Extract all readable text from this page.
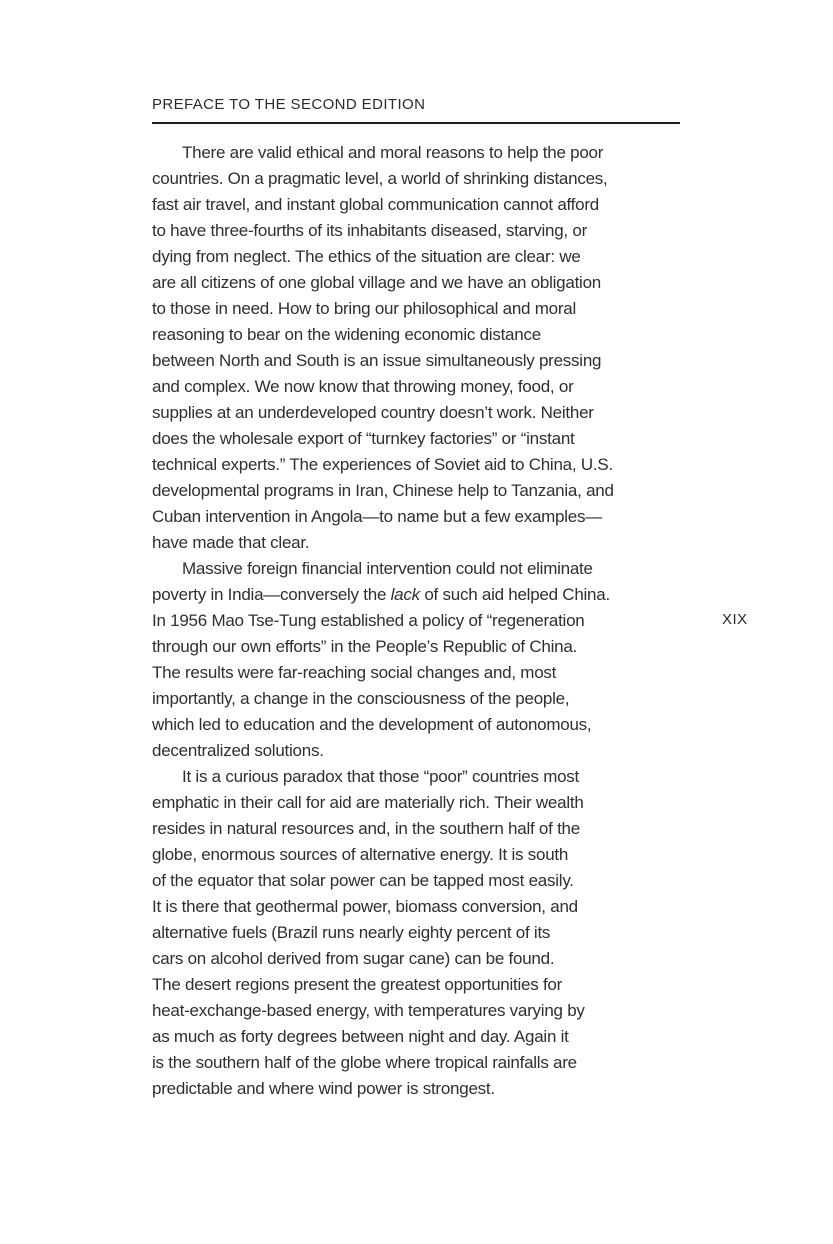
PREFACE TO THE SECOND EDITION
There are valid ethical and moral reasons to help the poor
countries. On a pragmatic level, a world of shrinking distances,
fast air travel, and instant global communication cannot afford
to have three-fourths of its inhabitants diseased, starving, or
dying from neglect. The ethics of the situation are clear: we
are all citizens of one global village and we have an obligation
to those in need. How to bring our philosophical and moral
reasoning to bear on the widening economic distance
between North and South is an issue simultaneously pressing
and complex. We now know that throwing money, food, or
supplies at an underdeveloped country doesn’t work. Neither
does the wholesale export of “turnkey factories” or “instant
technical experts.” The experiences of Soviet aid to China, U.S.
developmental programs in Iran, Chinese help to Tanzania, and
Cuban intervention in Angola—to name but a few examples—
have made that clear.
Massive foreign financial intervention could not eliminate
poverty in India—conversely the lack of such aid helped China.
In 1956 Mao Tse-Tung established a policy of “regeneration
through our own efforts” in the People’s Republic of China.
The results were far-reaching social changes and, most
importantly, a change in the consciousness of the people,
which led to education and the development of autonomous,
decentralized solutions.
It is a curious paradox that those “poor” countries most
emphatic in their call for aid are materially rich. Their wealth
resides in natural resources and, in the southern half of the
globe, enormous sources of alternative energy. It is south
of the equator that solar power can be tapped most easily.
It is there that geothermal power, biomass conversion, and
alternative fuels (Brazil runs nearly eighty percent of its
cars on alcohol derived from sugar cane) can be found.
The desert regions present the greatest opportunities for
heat-exchange-based energy, with temperatures varying by
as much as forty degrees between night and day. Again it
is the southern half of the globe where tropical rainfalls are
predictable and where wind power is strongest.
XIX
